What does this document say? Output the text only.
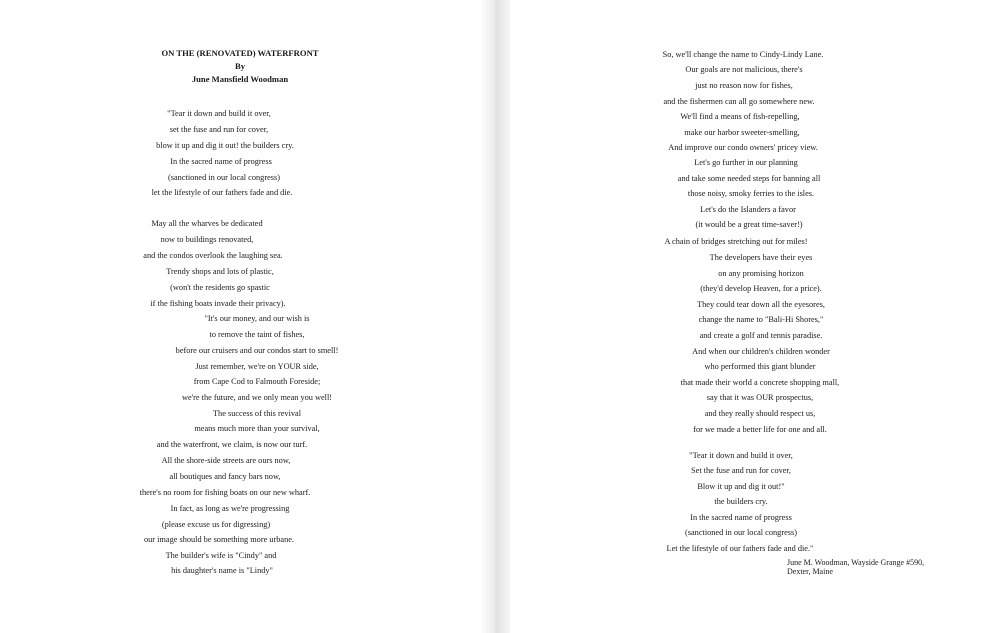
ON THE (RENOVATED) WATERFRONT
By
June Mansfield Woodman
"Tear it down and build it over,
set the fuse and run for cover,
blow it up and dig it out! the builders cry.
In the sacred name of progress
(sanctioned in our local congress)
let the lifestyle of our fathers fade and die.
May all the wharves be dedicated
now to buildings renovated,
and the condos overlook the laughing sea.
Trendy shops and lots of plastic,
(won't the residents go spastic
if the fishing boats invade their privacy).
"It's our money, and our wish is
to remove the taint of fishes,
before our cruisers and our condos start to smell!
Just remember, we're on YOUR side,
from Cape Cod to Falmouth Foreside;
we're the future, and we only mean you well!
The success of this revival
means much more than your survival,
and the waterfront, we claim, is now our turf.
All the shore-side streets are ours now,
all boutiques and fancy bars now,
there's no room for fishing boats on our new wharf.
In fact, as long as we're progressing
(please excuse us for digressing)
our image should be something more urbane.
The builder's wife is "Cindy" and
his daughter's name is "Lindy"
So, we'll change the name to Cindy-Lindy Lane.
Our goals are not malicious, there's
just no reason now for fishes,
and the fishermen can all go somewhere new.
We'll find a means of fish-repelling,
make our harbor sweeter-smelling,
And improve our condo owners' pricey view.
Let's go further in our planning
and take some needed steps for banning all
those noisy, smoky ferries to the isles.
Let's do the Islanders a favor
(it would be a great time-saver!)
A chain of bridges stretching out for miles!
The developers have their eyes
on any promising horizon
(they'd develop Heaven, for a price).
They could tear down all the eyesores,
change the name to "Bali-Hi Shores,"
and create a golf and tennis paradise.
And when our children's children wonder
who performed this giant blunder
that made their world a concrete shopping mall,
say that it was OUR prospectus,
and they really should respect us,
for we made a better life for one and all.
"Tear it down and build it over,
Set the fuse and run for cover,
Blow it up and dig it out!"
the builders cry.
In the sacred name of progress
(sanctioned in our local congress)
Let the lifestyle of our fathers fade and die."
June M. Woodman, Wayside Grange #590,
Dexter, Maine
